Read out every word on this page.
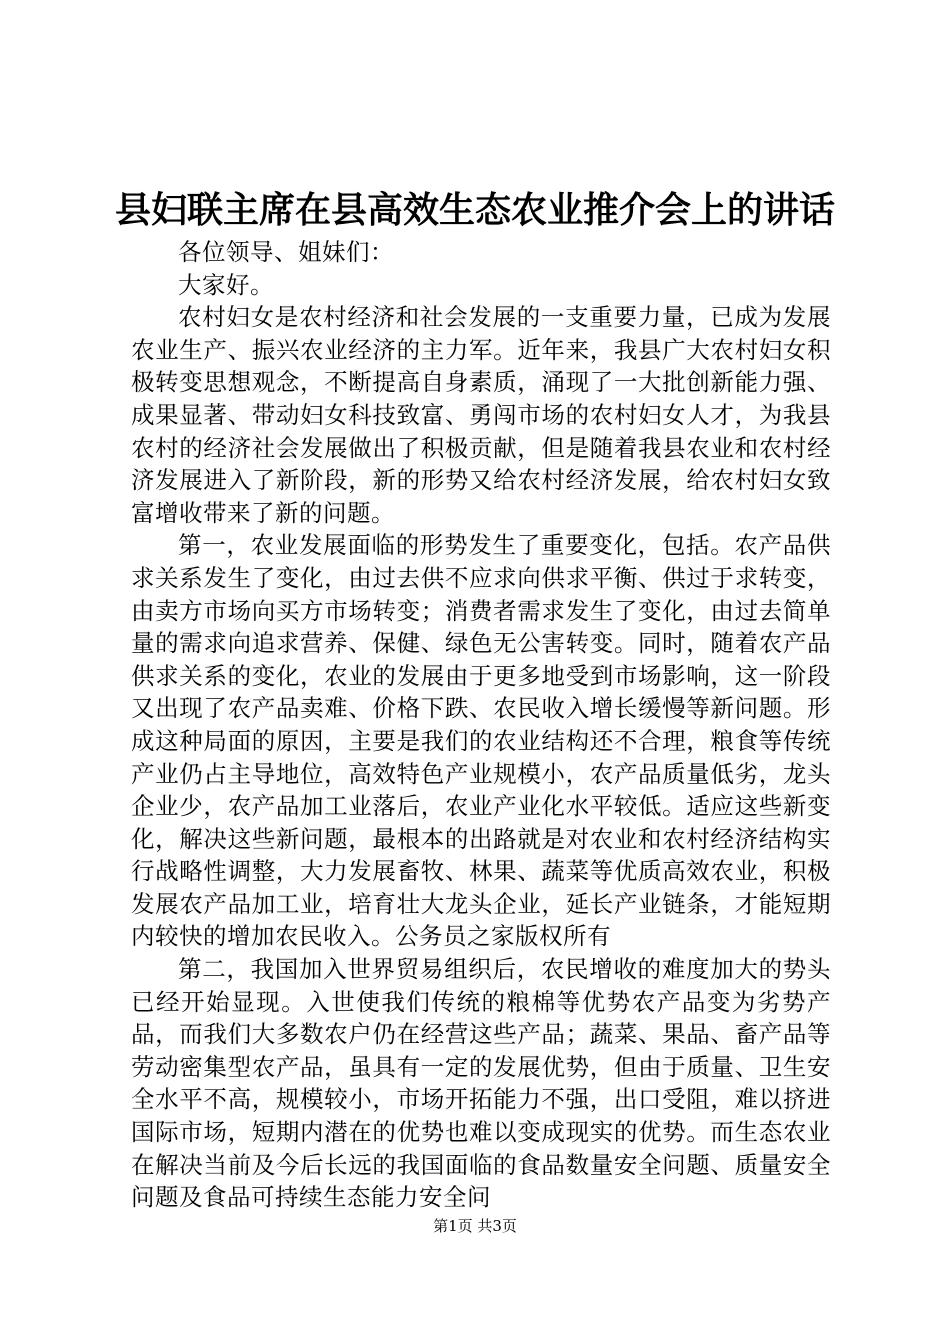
县妇联主席在县高效生态农业推介会上的讲话

各位领导、姐妹们：

大家好。

农村妇女是农村经济和社会发展的一支重要力量，已成为发展农业生产、振兴农业经济的主力军。近年来，我县广大农村妇女积极转变思想观念，不断提高自身素质，涌现了一大批创新能力强、成果显著、带动妇女科技致富、勇闯市场的农村妇女人才，为我县农村的经济社会发展做出了积极贡献，但是随着我县农业和农村经济发展进入了新阶段，新的形势又给农村经济发展，给农村妇女致富增收带来了新的问题。

第一，农业发展面临的形势发生了重要变化，包括。农产品供求关系发生了变化，由过去供不应求向供求平衡、供过于求转变，由卖方市场向买方市场转变；消费者需求发生了变化，由过去简单量的需求向追求营养、保健、绿色无公害转变。同时，随着农产品供求关系的变化，农业的发展由于更多地受到市场影响，这一阶段又出现了农产品卖难、价格下跌、农民收入增长缓慢等新问题。形成这种局面的原因，主要是我们的农业结构还不合理，粮食等传统产业仍占主导地位，高效特色产业规模小，农产品质量低劣，龙头企业少，农产品加工业落后，农业产业化水平较低。适应这些新变化，解决这些新问题，最根本的出路就是对农业和农村经济结构实行战略性调整，大力发展畜牧、林果、蔬菜等优质高效农业，积极发展农产品加工业，培育壮大龙头企业，延长产业链条，才能短期内较快的增加农民收入。公务员之家版权所有

第二，我国加入世界贸易组织后，农民增收的难度加大的势头已经开始显现。入世使我们传统的粮棉等优势农产品变为劣势产品，而我们大多数农户仍在经营这些产品；蔬菜、果品、畜产品等劳动密集型农产品，虽具有一定的发展优势，但由于质量、卫生安全水平不高，规模较小，市场开拓能力不强，出口受阻，难以挤进国际市场，短期内潜在的优势也难以变成现实的优势。而生态农业在解决当前及今后长远的我国面临的食品数量安全问题、质量安全问题及食品可持续生态能力安全问

第1页 共3页
